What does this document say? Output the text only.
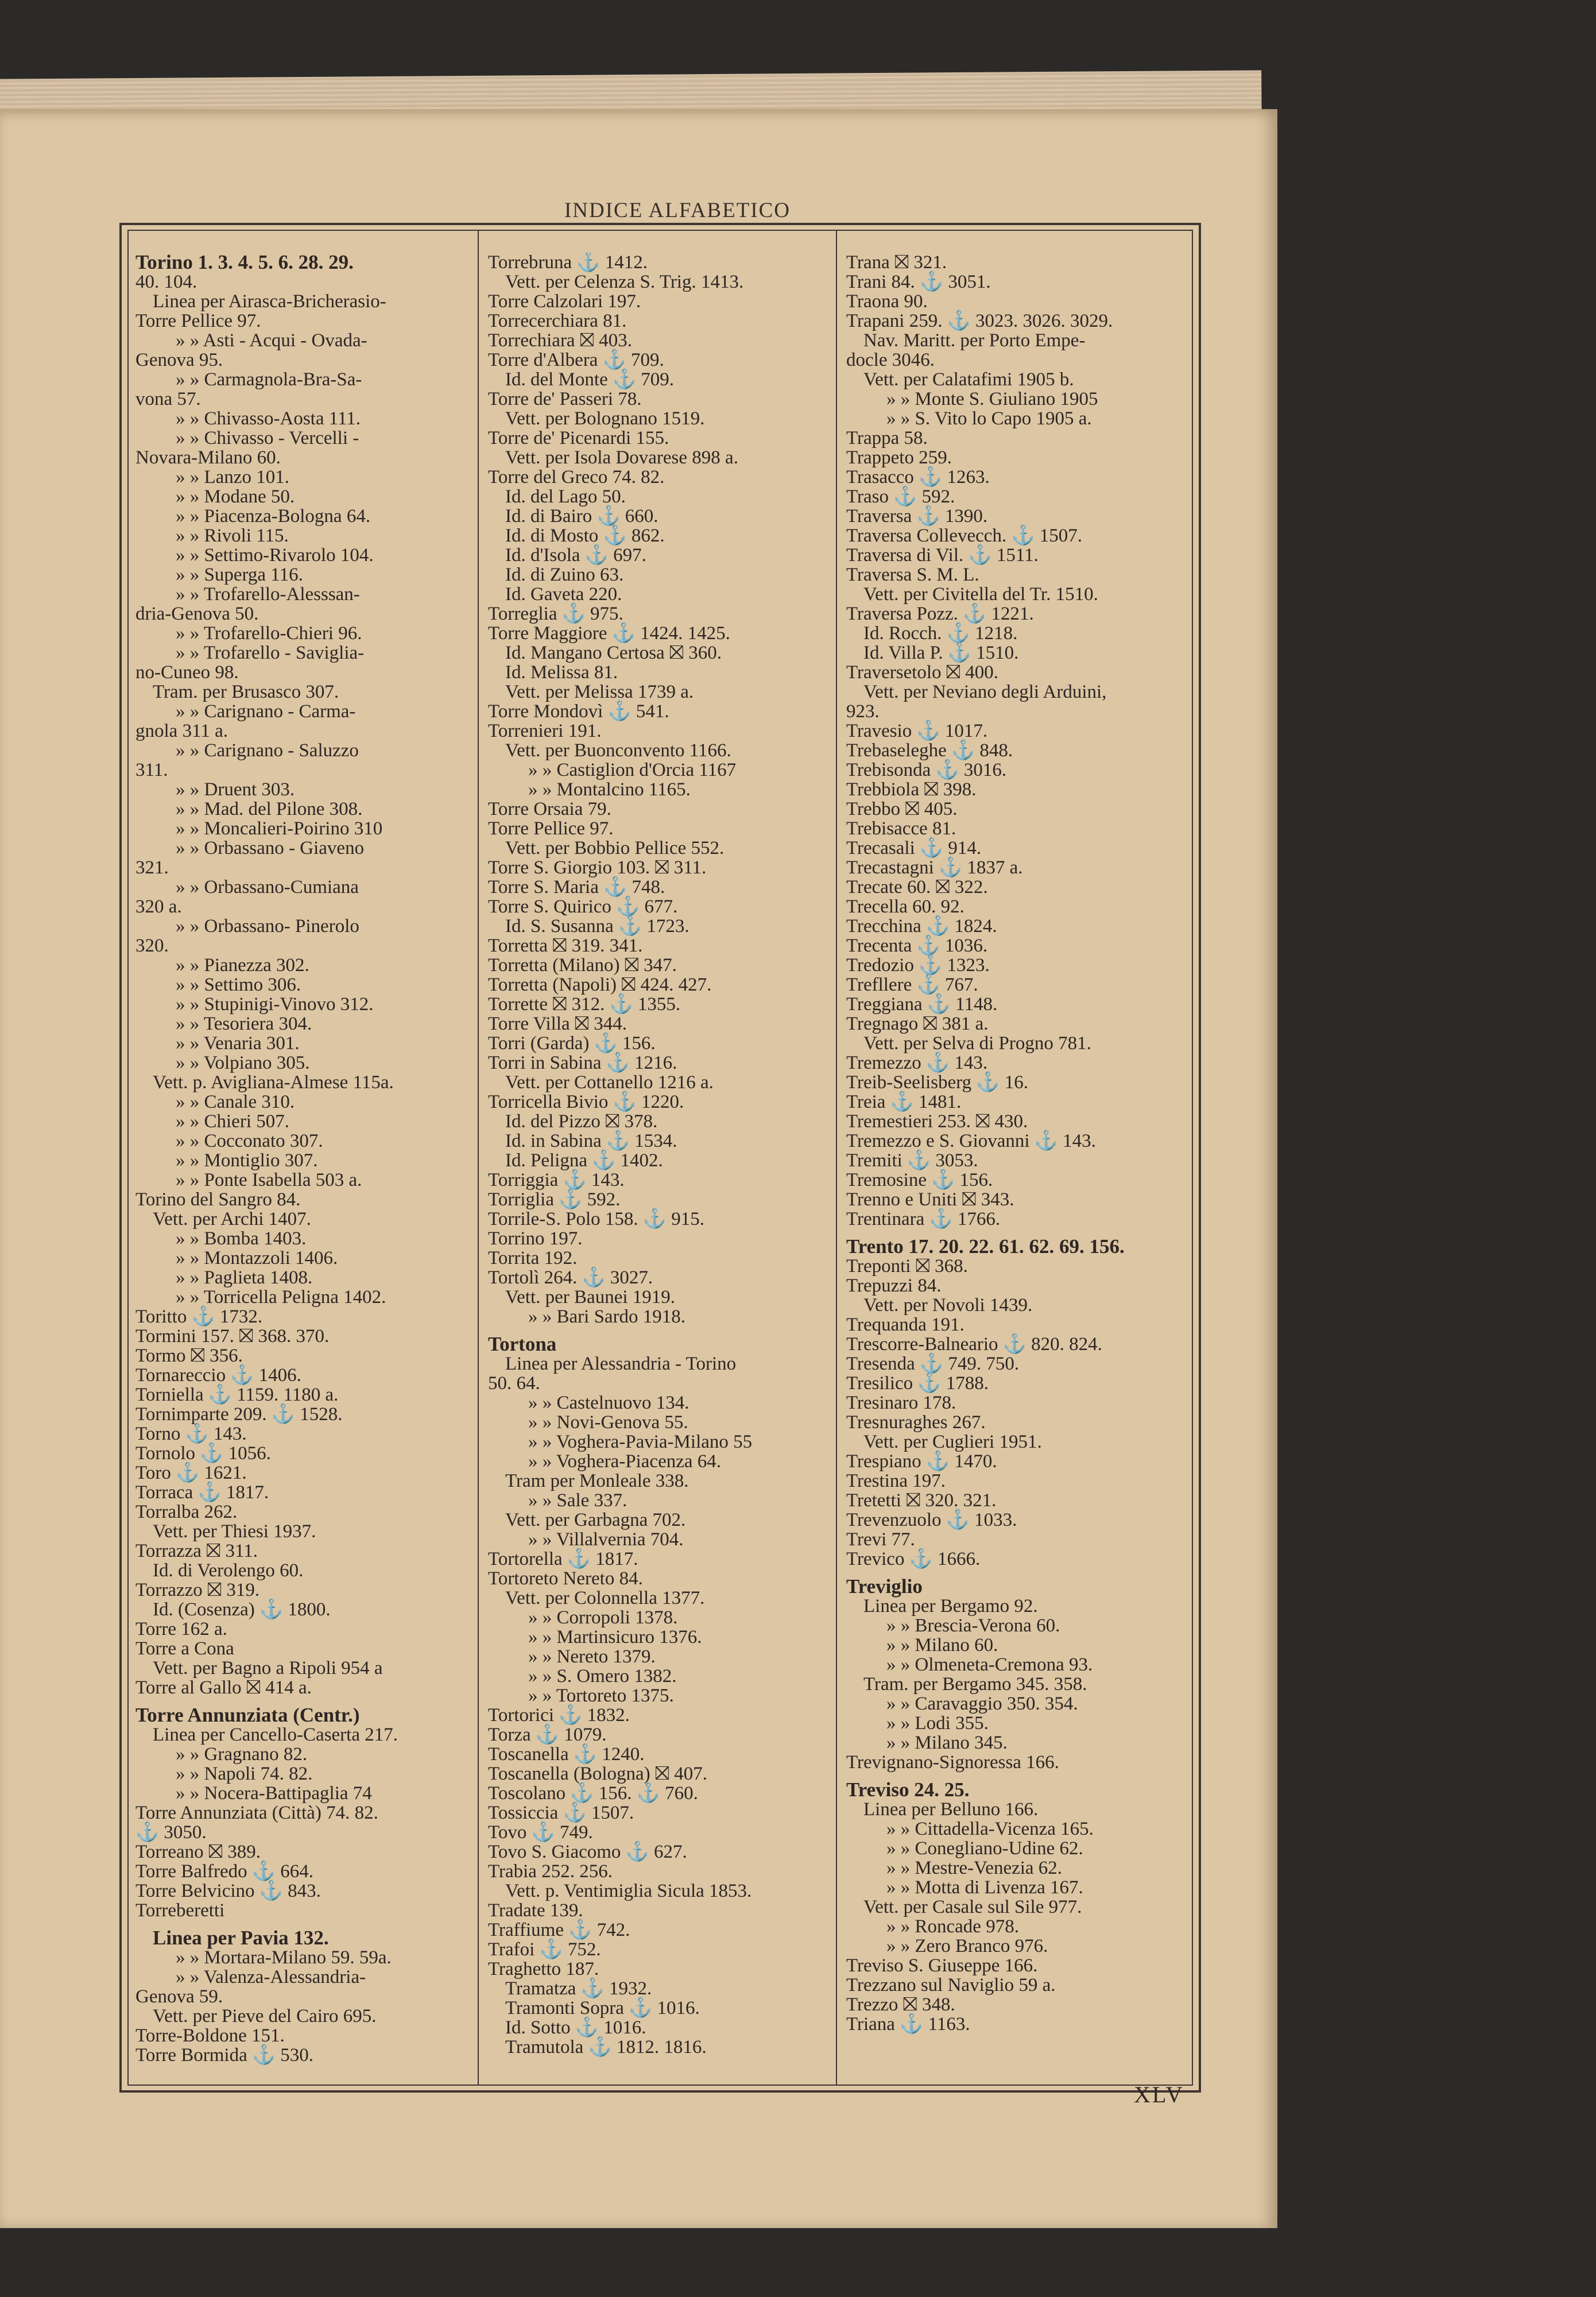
INDICE ALFABETICO
Torino 1. 3. 4. 5. 6. 28. 29.
40. 104.
Linea per Airasca-Bricherasio-
Torre Pellice 97.
» » Asti - Acqui - Ovada-
Genova 95.
» » Carmagnola-Bra-Sa-
vona 57.
» » Chivasso-Aosta 111.
» » Chivasso - Vercelli -
Novara-Milano 60.
» » Lanzo 101.
» » Modane 50.
» » Piacenza-Bologna 64.
» » Rivoli 115.
» » Settimo-Rivarolo 104.
» » Superga 116.
» » Trofarello-Alesssan-
dria-Genova 50.
» » Trofarello-Chieri 96.
» » Trofarello - Saviglia-
no-Cuneo 98.
Tram. per Brusasco 307.
» » Carignano - Carma-
gnola 311 a.
» » Carignano - Saluzzo
311.
» » Druent 303.
» » Mad. del Pilone 308.
» » Moncalieri-Poirino 310
» » Orbassano - Giaveno
321.
» » Orbassano-Cumiana
320 a.
» » Orbassano- Pinerolo
320.
» » Pianezza 302.
» » Settimo 306.
» » Stupinigi-Vinovo 312.
» » Tesoriera 304.
» » Venaria 301.
» » Volpiano 305.
Vett. p. Avigliana-Almese 115a.
» » Canale 310.
» » Chieri 507.
» » Cocconato 307.
» » Montiglio 307.
» » Ponte Isabella 503 a.
Torino del Sangro 84.
Vett. per Archi 1407.
» » Bomba 1403.
» » Montazzoli 1406.
» » Paglieta 1408.
» » Torricella Peligna 1402.
Toritto ⚓ 1732.
Tormini 157. ⛝ 368. 370.
Tormo ⛝ 356.
Tornareccio ⚓ 1406.
Torniella ⚓ 1159. 1180 a.
Tornimparte 209. ⚓ 1528.
Torno ⚓ 143.
Tornolo ⚓ 1056.
Toro ⚓ 1621.
Torraca ⚓ 1817.
Torralba 262.
Vett. per Thiesi 1937.
Torrazza ⛝ 311.
Id. di Verolengo 60.
Torrazzo ⛝ 319.
Id. (Cosenza) ⚓ 1800.
Torre 162 a.
Torre a Cona
Vett. per Bagno a Ripoli 954 a
Torre al Gallo ⛝ 414 a.
Torre Annunziata (Centr.)
Linea per Cancello-Caserta 217.
» » Gragnano 82.
» » Napoli 74. 82.
» » Nocera-Battipaglia 74
Torre Annunziata (Città) 74. 82.
⚓ 3050.
Torreano ⛝ 389.
Torre Balfredo ⚓ 664.
Torre Belvicino ⚓ 843.
Torreberetti
Linea per Pavia 132.
» » Mortara-Milano 59. 59a.
» » Valenza-Alessandria-
Genova 59.
Vett. per Pieve del Cairo 695.
Torre-Boldone 151.
Torre Bormida ⚓ 530.
Torrebruna ⚓ 1412.
Vett. per Celenza S. Trig. 1413.
Torre Calzolari 197.
Torrecerchiara 81.
Torrechiara ⛝ 403.
Torre d'Albera ⚓ 709.
Id. del Monte ⚓ 709.
Torre de' Passeri 78.
Vett. per Bolognano 1519.
Torre de' Picenardi 155.
Vett. per Isola Dovarese 898 a.
Torre del Greco 74. 82.
Id. del Lago 50.
Id. di Bairo ⚓ 660.
Id. di Mosto ⚓ 862.
Id. d'Isola ⚓ 697.
Id. di Zuino 63.
Id. Gaveta 220.
Torreglia ⚓ 975.
Torre Maggiore ⚓ 1424. 1425.
Id. Mangano Certosa ⛝ 360.
Id. Melissa 81.
Vett. per Melissa 1739 a.
Torre Mondovì ⚓ 541.
Torrenieri 191.
Vett. per Buonconvento 1166.
» » Castiglion d'Orcia 1167
» » Montalcino 1165.
Torre Orsaia 79.
Torre Pellice 97.
Vett. per Bobbio Pellice 552.
Torre S. Giorgio 103. ⛝ 311.
Torre S. Maria ⚓ 748.
Torre S. Quirico ⚓ 677.
Id. S. Susanna ⚓ 1723.
Torretta ⛝ 319. 341.
Torretta (Milano) ⛝ 347.
Torretta (Napoli) ⛝ 424. 427.
Torrette ⛝ 312. ⚓ 1355.
Torre Villa ⛝ 344.
Torri (Garda) ⚓ 156.
Torri in Sabina ⚓ 1216.
Vett. per Cottanello 1216 a.
Torricella Bivio ⚓ 1220.
Id. del Pizzo ⛝ 378.
Id. in Sabina ⚓ 1534.
Id. Peligna ⚓ 1402.
Torriggia ⚓ 143.
Torriglia ⚓ 592.
Torrile-S. Polo 158. ⚓ 915.
Torrino 197.
Torrita 192.
Tortolì 264. ⚓ 3027.
Vett. per Baunei 1919.
» » Bari Sardo 1918.
Tortona
Linea per Alessandria - Torino
50. 64.
» » Castelnuovo 134.
» » Novi-Genova 55.
» » Voghera-Pavia-Milano 55
» » Voghera-Piacenza 64.
Tram per Monleale 338.
» » Sale 337.
Vett. per Garbagna 702.
» » Villalvernia 704.
Tortorella ⚓ 1817.
Tortoreto Nereto 84.
Vett. per Colonnella 1377.
» » Corropoli 1378.
» » Martinsicuro 1376.
» » Nereto 1379.
» » S. Omero 1382.
» » Tortoreto 1375.
Tortorici ⚓ 1832.
Torza ⚓ 1079.
Toscanella ⚓ 1240.
Toscanella (Bologna) ⛝ 407.
Toscolano ⚓ 156. ⚓ 760.
Tossiccia ⚓ 1507.
Tovo ⚓ 749.
Tovo S. Giacomo ⚓ 627.
Trabia 252. 256.
Vett. p. Ventimiglia Sicula 1853.
Tradate 139.
Traffiume ⚓ 742.
Trafoi ⚓ 752.
Traghetto 187.
Tramatza ⚓ 1932.
Tramonti Sopra ⚓ 1016.
Id. Sotto ⚓ 1016.
Tramutola ⚓ 1812. 1816.
Trana ⛝ 321.
Trani 84. ⚓ 3051.
Traona 90.
Trapani 259. ⚓ 3023. 3026. 3029.
Nav. Maritt. per Porto Empe-
docle 3046.
Vett. per Calatafimi 1905 b.
» » Monte S. Giuliano 1905
» » S. Vito lo Capo 1905 a.
Trappa 58.
Trappeto 259.
Trasacco ⚓ 1263.
Traso ⚓ 592.
Traversa ⚓ 1390.
Traversa Collevecch. ⚓ 1507.
Traversa di Vil. ⚓ 1511.
Traversa S. M. L.
Vett. per Civitella del Tr. 1510.
Traversa Pozz. ⚓ 1221.
Id. Rocch. ⚓ 1218.
Id. Villa P. ⚓ 1510.
Traversetolo ⛝ 400.
Vett. per Neviano degli Arduini,
923.
Travesio ⚓ 1017.
Trebaseleghe ⚓ 848.
Trebisonda ⚓ 3016.
Trebbiola ⛝ 398.
Trebbo ⛝ 405.
Trebisacce 81.
Trecasali ⚓ 914.
Trecastagni ⚓ 1837 a.
Trecate 60. ⛝ 322.
Trecella 60. 92.
Trecchina ⚓ 1824.
Trecenta ⚓ 1036.
Tredozio ⚓ 1323.
Trefllere ⚓ 767.
Treggiana ⚓ 1148.
Tregnago ⛝ 381 a.
Vett. per Selva di Progno 781.
Tremezzo ⚓ 143.
Treib-Seelisberg ⚓ 16.
Treia ⚓ 1481.
Tremestieri 253. ⛝ 430.
Tremezzo e S. Giovanni ⚓ 143.
Tremiti ⚓ 3053.
Tremosine ⚓ 156.
Trenno e Uniti ⛝ 343.
Trentinara ⚓ 1766.
Trento 17. 20. 22. 61. 62. 69. 156.
Treponti ⛝ 368.
Trepuzzi 84.
Vett. per Novoli 1439.
Trequanda 191.
Trescorre-Balneario ⚓ 820. 824.
Tresenda ⚓ 749. 750.
Tresilico ⚓ 1788.
Tresinaro 178.
Tresnuraghes 267.
Vett. per Cuglieri 1951.
Trespiano ⚓ 1470.
Trestina 197.
Tretetti ⛝ 320. 321.
Trevenzuolo ⚓ 1033.
Trevi 77.
Trevico ⚓ 1666.
Treviglio
Linea per Bergamo 92.
» » Brescia-Verona 60.
» » Milano 60.
» » Olmeneta-Cremona 93.
Tram. per Bergamo 345. 358.
» » Caravaggio 350. 354.
» » Lodi 355.
» » Milano 345.
Trevignano-Signoressa 166.
Treviso 24. 25.
Linea per Belluno 166.
» » Cittadella-Vicenza 165.
» » Conegliano-Udine 62.
» » Mestre-Venezia 62.
» » Motta di Livenza 167.
Vett. per Casale sul Sile 977.
» » Roncade 978.
» » Zero Branco 976.
Treviso S. Giuseppe 166.
Trezzano sul Naviglio 59 a.
Trezzo ⛝ 348.
Triana ⚓ 1163.
XLV
